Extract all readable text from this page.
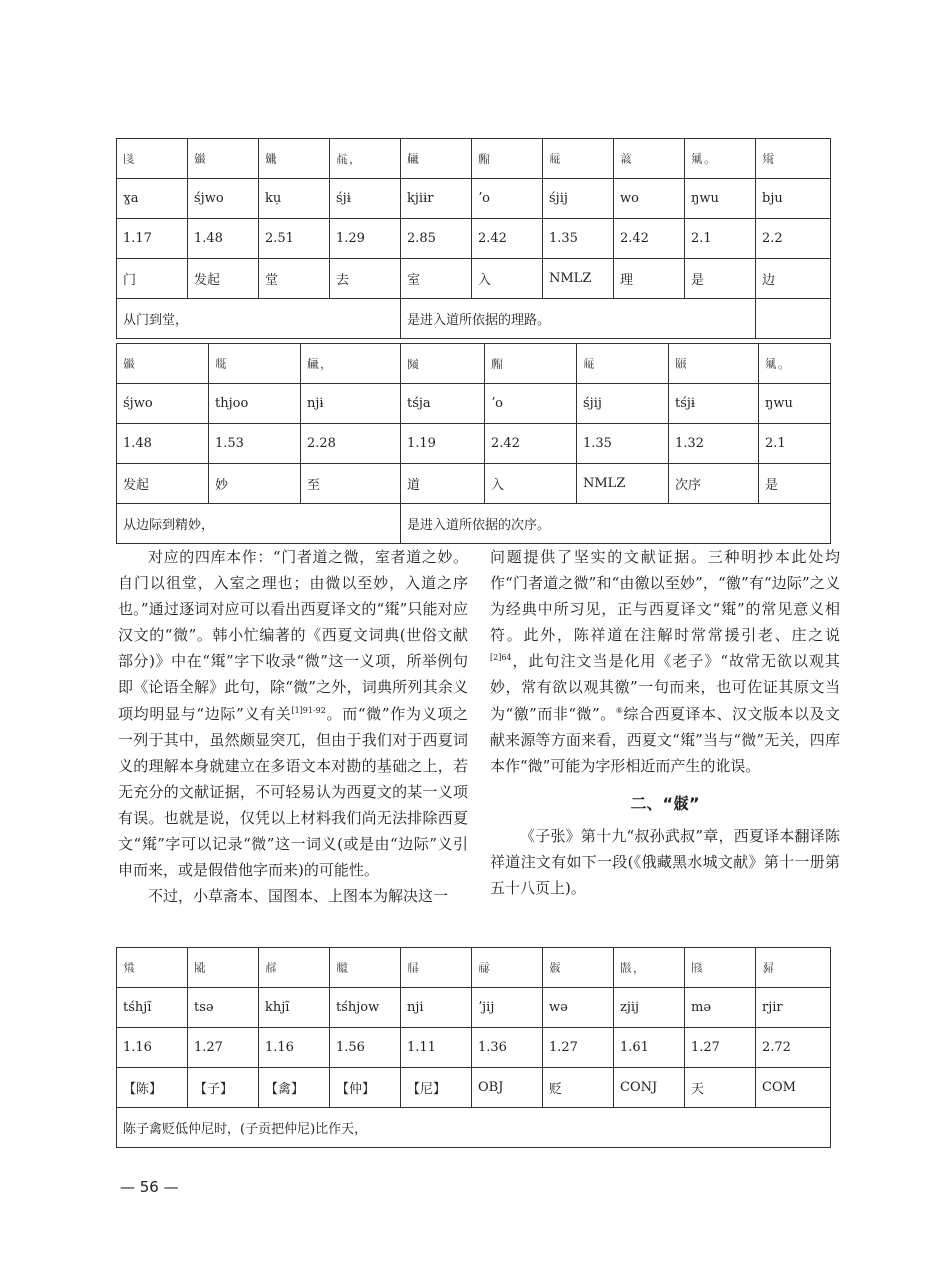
𗁅	𗏹	𗏶	𗍫，	𗍳	𗆫	𗏁	𗓁	𗏇。	𗋕
ɣa	śjwo	kụ	śjɨ	kjiɨr	ʼo	śjij	wo	ŋwu	bju
1.17	1.48	2.51	1.29	2.85	2.42	1.35	2.42	2.1	2.2
门	发起	堂	去	室	入	NMLZ	理	是	边
从门到堂，				是进入道所依据的理路。					
𗏹	𗅉	𗍳，	𗂧	𗆫	𗏁	𗁨	𗏇。
śjwo	thjoo	njɨ	tśja	ʼo	śjij	tśjɨ	ŋwu
1.48	1.53	2.28	1.19	2.42	1.35	1.32	2.1
发起	妙	至	道	入	NMLZ	次序	是
从边际到精妙，			是进入道所依据的次序。				

对应的四库本作：“门者道之微，室者道之妙。自门以徂堂，入室之理也；由微以至妙，入道之序也。”通过逐词对应可以看出西夏译文的“𗋕”只能对应汉文的“微”。韩小忙编著的《西夏文词典(世俗文献部分)》中在“𗋕”字下收录“微”这一义项，所举例句即《论语全解》此句，除“微”之外，词典所列其余义项均明显与“边际”义有关$^{[1]91-92}$。而“微”作为义项之一列于其中，虽然颇显突兀，但由于我们对于西夏词义的理解本身就建立在多语文本对勘的基础之上，若无充分的文献证据，不可轻易认为西夏文的某一义项有误。也就是说，仅凭以上材料我们尚无法排除西夏文“𗋕”字可以记录“微”这一词义(或是由“边际”义引申而来，或是假借他字而来)的可能性。

不过，小草斋本、国图本、上图本为解决这一

问题提供了坚实的文献证据。三种明抄本此处均作“门者道之微”和“由徼以至妙”，“徼”有“边际”之义为经典中所习见，正与西夏译文“𗋕”的常见意义相符。此外，陈祥道在注解时常常援引老、庄之说$^{[2]64}$，此句注文当是化用《老子》“故常无欲以观其妙，常有欲以观其徼”一句而来，也可佐证其原文当为“徼”而非“微”。⑥综合西夏译本、汉文版本以及文献来源等方面来看，西夏文“𗋕”当与“微”无关，四库本作“微”可能为字形相近而产生的讹误。

二、“𗏫”

《子张》第十九“叔孙武叔”章，西夏译本翻译陈祥道注文有如下一段(《俄藏黑水城文献》第十一册第五十八页上)。

𗋽	𗎫	𗍮	𗆮	𗅁	𗄊	𗏫	𗂙，	𗁦	𗉘
tśhjĩ	tsə	khjĩ	tśhjow	nji	ʼjij	wə	zjij	mə	rjir
1.16	1.27	1.16	1.56	1.11	1.36	1.27	1.61	1.27	2.72
【陈】	【子】	【禽】	【仲】	【尼】	OBJ	贬	CONJ	天	COM
陈子禽贬低仲尼时，(子贡把仲尼)比作天，									
— 56 —
